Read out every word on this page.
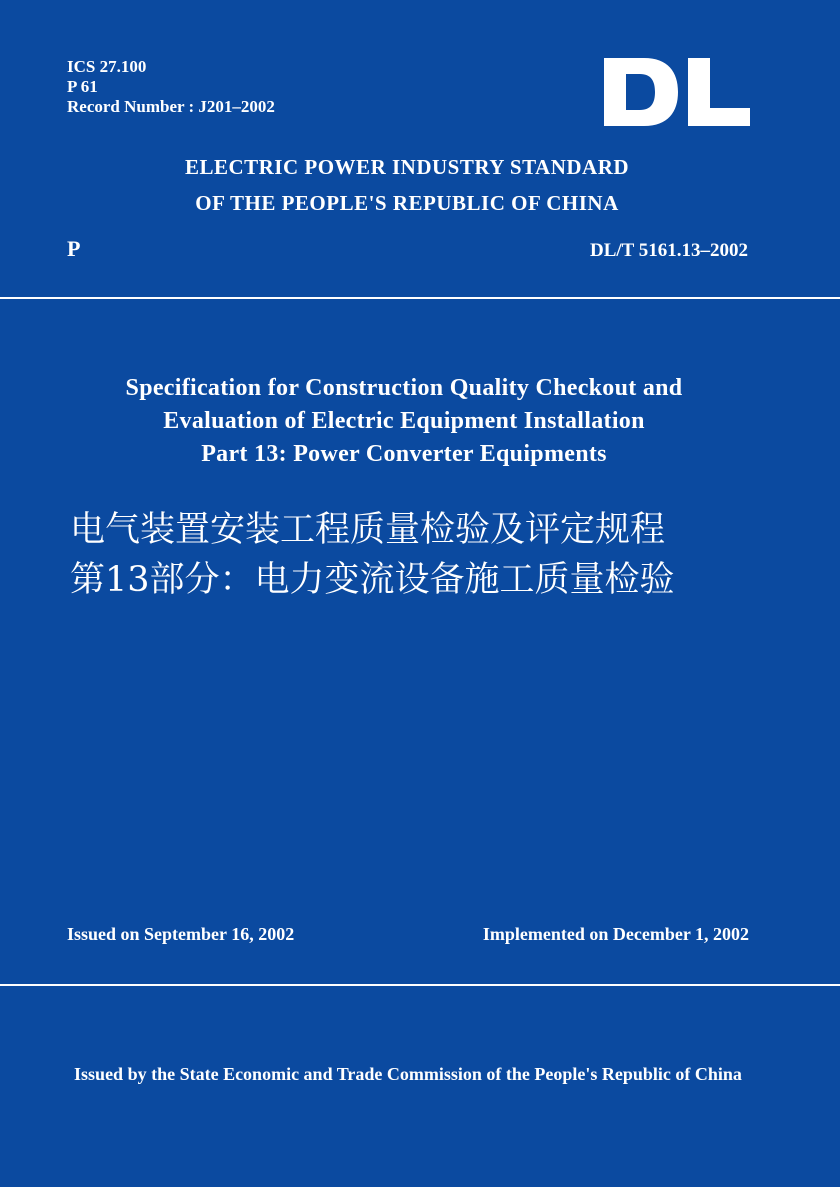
ICS 27.100
P 61
Record Number : J201–2002
ELECTRIC POWER INDUSTRY STANDARD
OF THE PEOPLE'S REPUBLIC OF CHINA
P	DL/T 5161.13–2002
Specification for Construction Quality Checkout and
Evaluation of Electric Equipment Installation
Part 13: Power Converter Equipments
电气装置安装工程质量检验及评定规程
第13部分：电力变流设备施工质量检验
Issued on September 16, 2002	Implemented on December 1, 2002
Issued by the State Economic and Trade Commission of the People's Republic of China
